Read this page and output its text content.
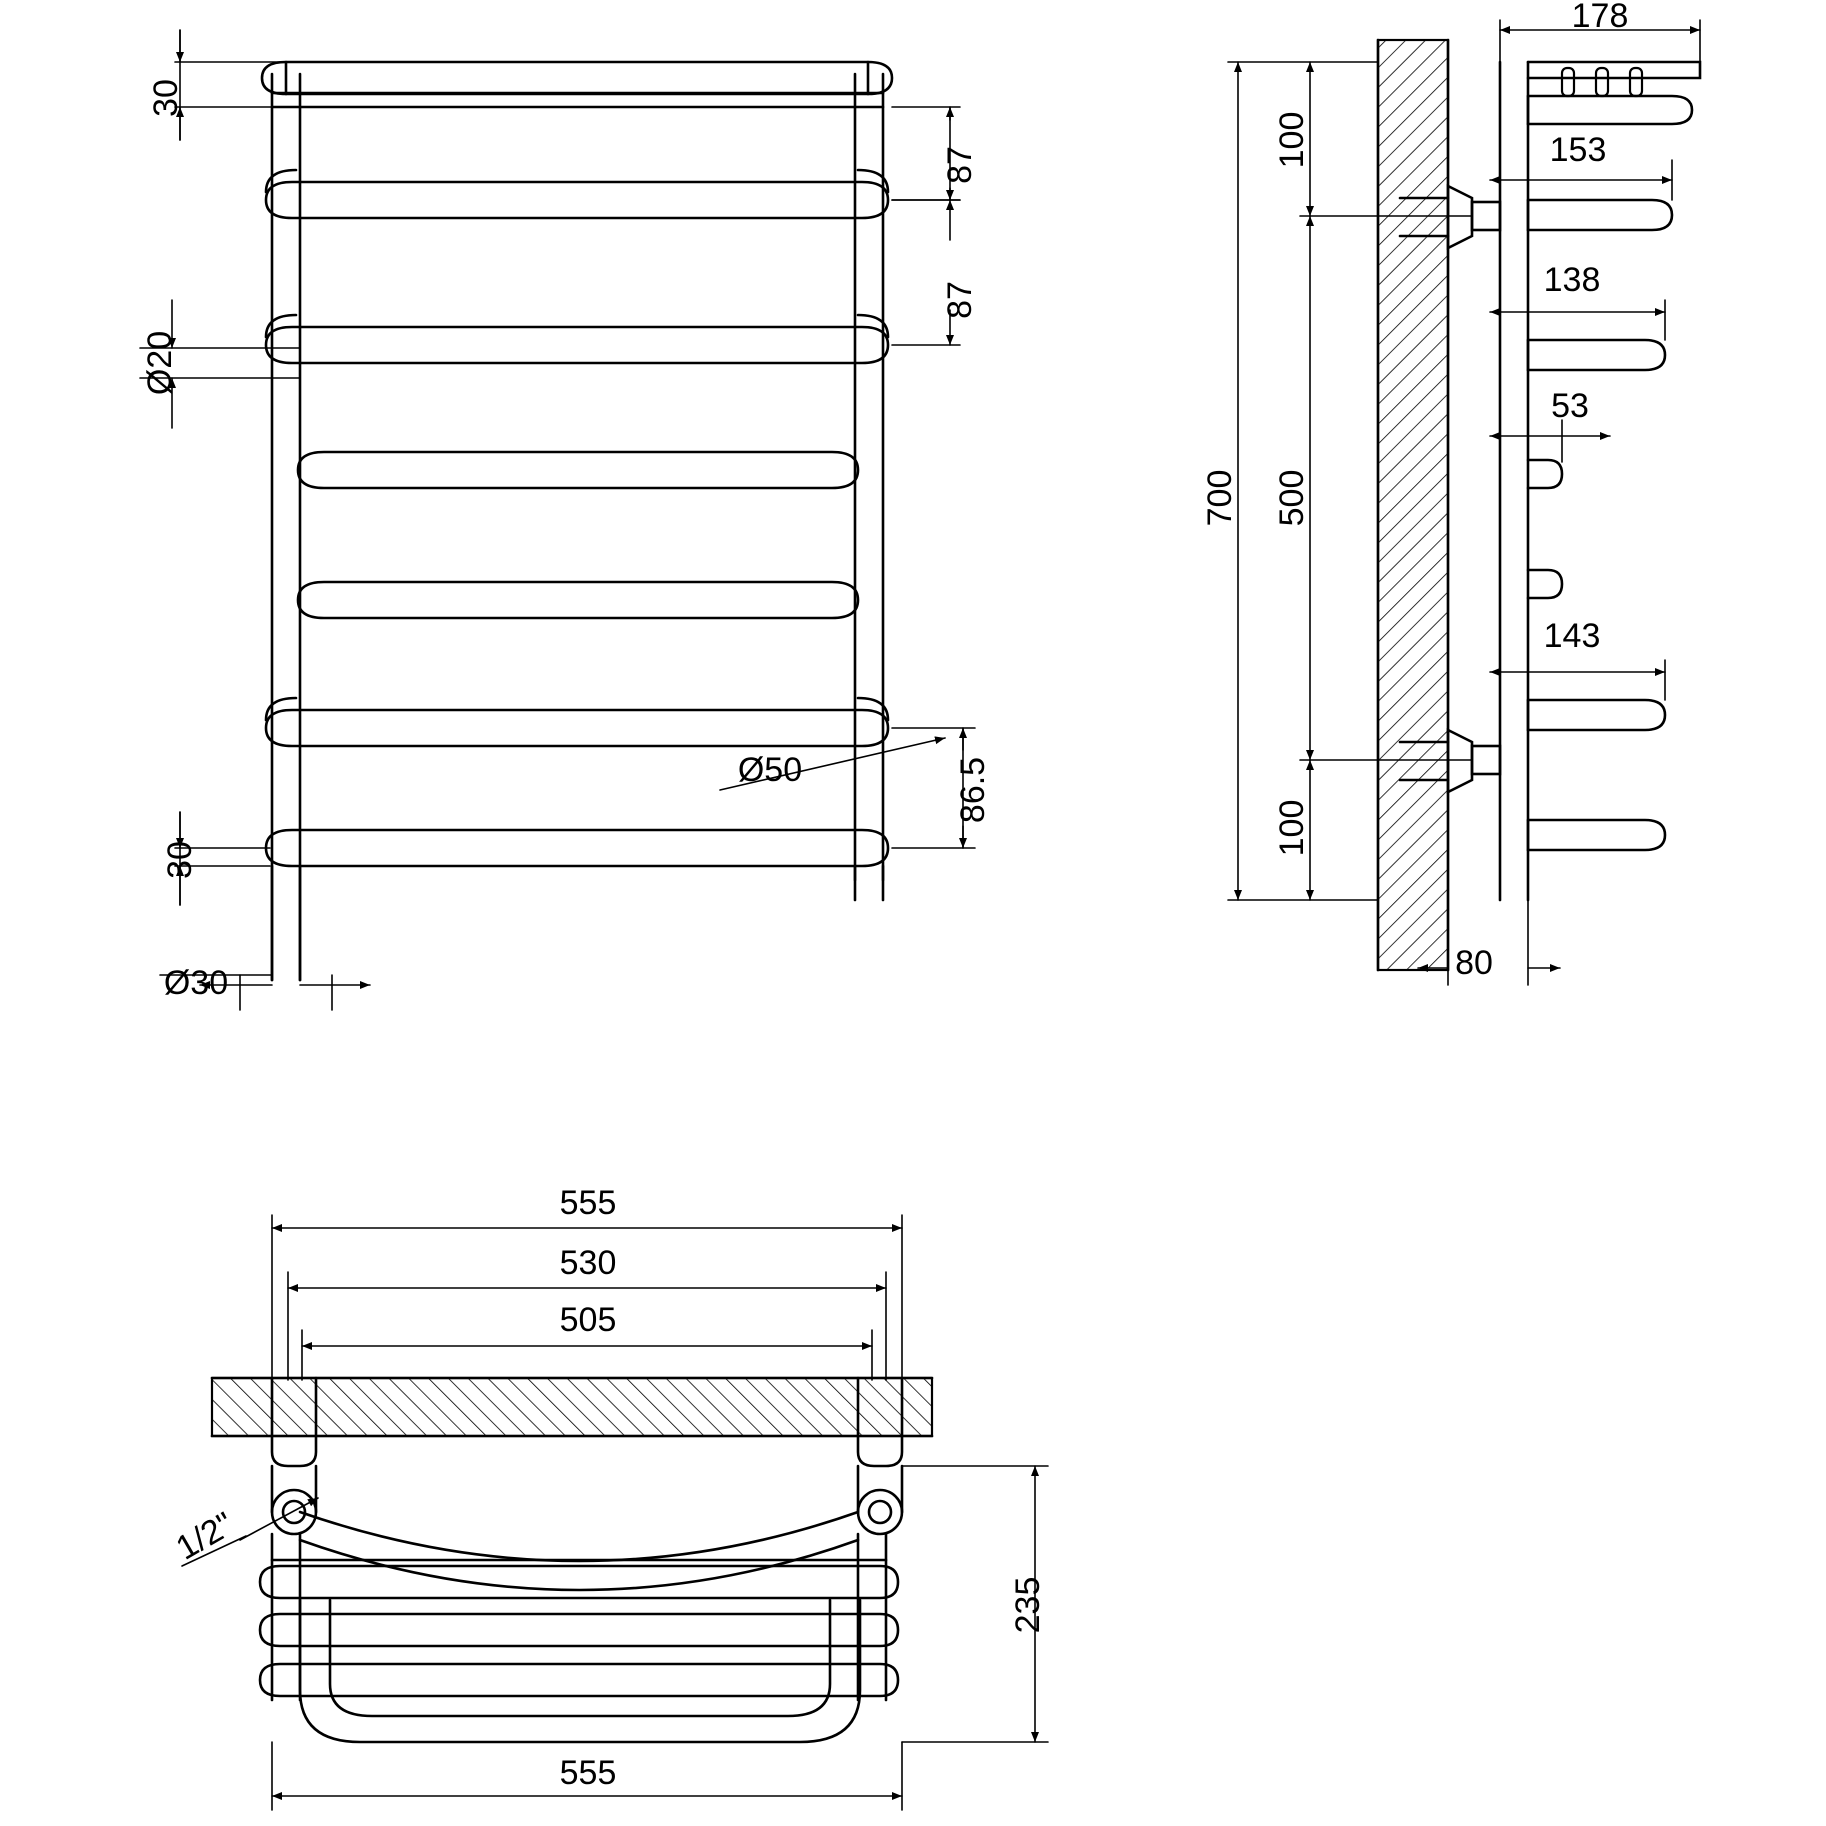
30
Ø20
87
87
86.5
30
Ø30
Ø50
700 500
100
100
178
153
138
53
143
80
555
530
505
1/2"
235
555
